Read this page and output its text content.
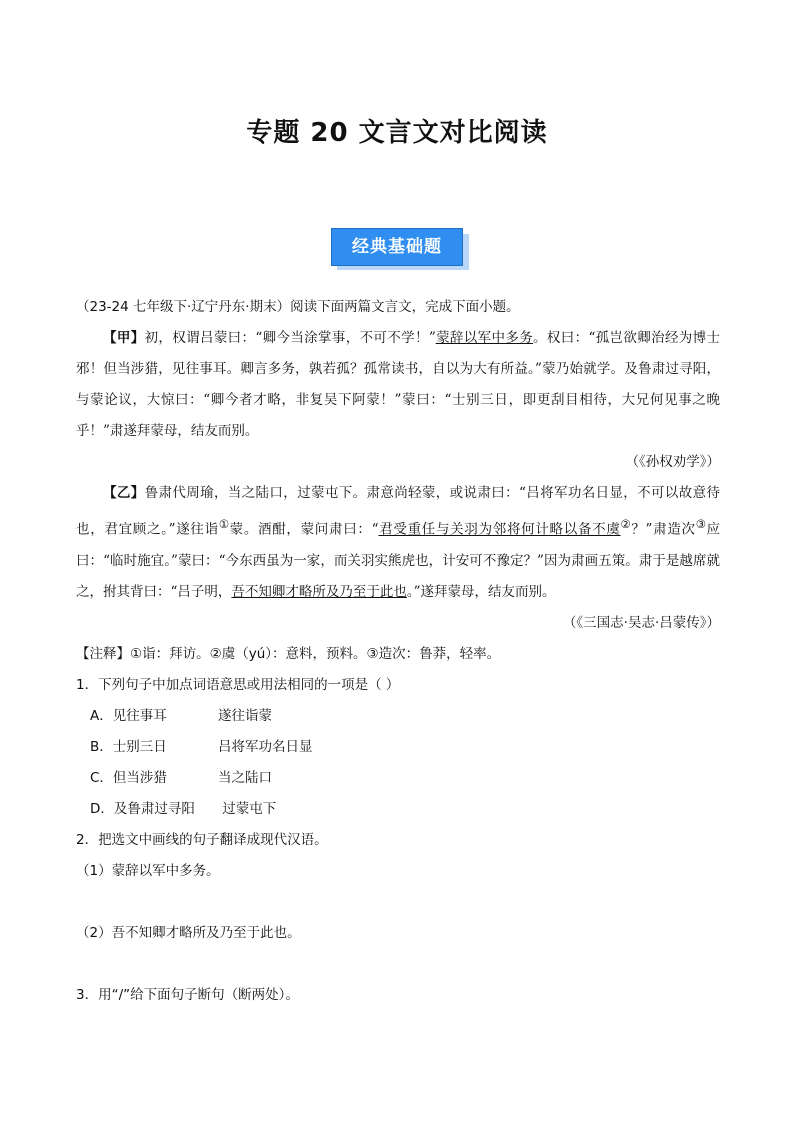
专题 20 文言文对比阅读
经典基础题

（23-24 七年级下·辽宁丹东·期末）阅读下面两篇文言文，完成下面小题。

【甲】初，权谓吕蒙曰：“卿今当涂掌事，不可不学！”蒙辞以军中多务。权曰：“孤岂欲卿治经为博士邪！但当涉猎，见往事耳。卿言多务，孰若孤？孤常读书，自以为大有所益。”蒙乃始就学。及鲁肃过寻阳，与蒙论议，大惊曰：“卿今者才略，非复吴下阿蒙！”蒙曰：“士别三日，即更刮目相待，大兄何见事之晚乎！”肃遂拜蒙母，结友而别。

（《孙权劝学》）

【乙】鲁肃代周瑜，当之陆口，过蒙屯下。肃意尚轻蒙，或说肃曰：“吕将军功名日显，不可以故意待也，君宜顾之。”遂往诣①蒙。酒酣，蒙问肃曰：“君受重任与关羽为邻将何计略以备不虞②？”肃造次③应曰：“临时施宜。”蒙曰：“今东西虽为一家，而关羽实熊虎也，计安可不豫定？”因为肃画五策。肃于是越席就之，拊其背曰：“吕子明，吾不知卿才略所及乃至于此也。”遂拜蒙母，结友而别。

（《三国志·吴志·吕蒙传》）

【注释】①诣：拜访。②虞（yú）：意料，预料。③造次：鲁莽，轻率。

1．下列句子中加点词语意思或用法相同的一项是（ ）

A．见往事耳	遂往诣蒙

B．士别三日	吕将军功名日显

C．但当涉猎	当之陆口

D．及鲁肃过寻阳 过蒙屯下

2．把选文中画线的句子翻译成现代汉语。

（1）蒙辞以军中多务。

（2）吾不知卿才略所及乃至于此也。

3．用“/”给下面句子断句（断两处）。
